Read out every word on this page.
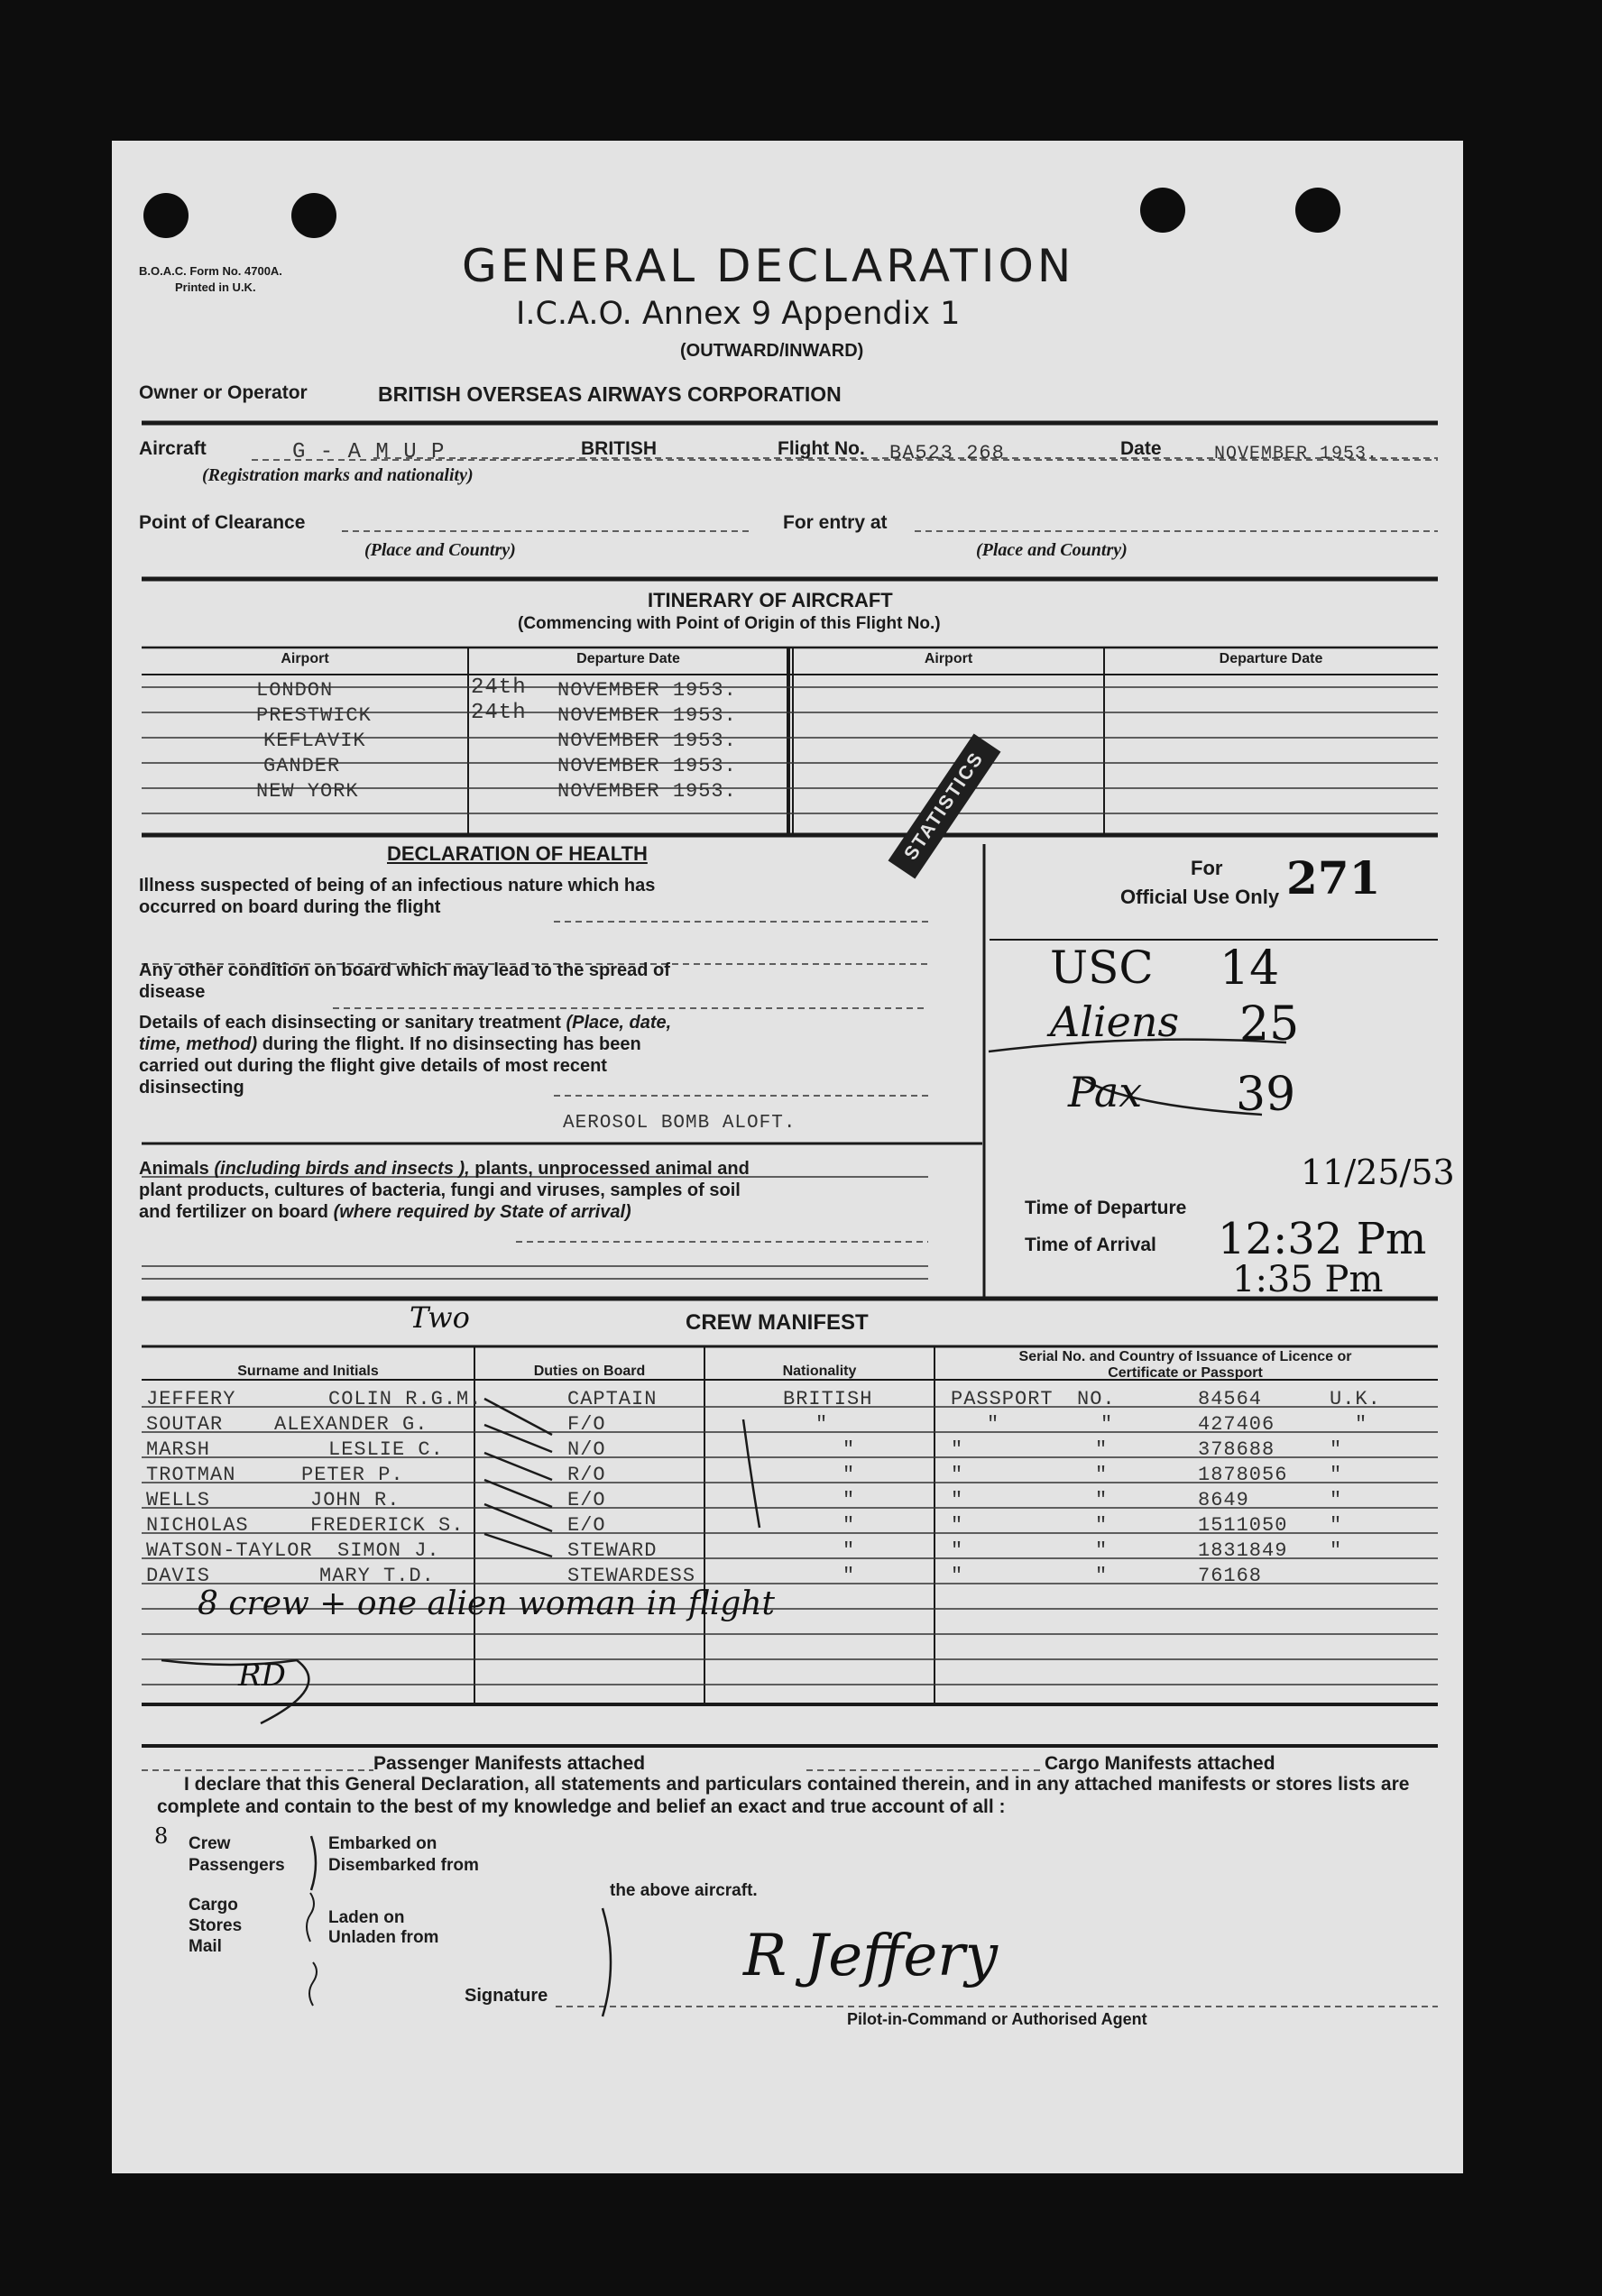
B.O.A.C. Form No. 4700A.
Printed in U.K.	GENERAL DECLARATION
I.C.A.O. Annex 9 Appendix 1
(OUTWARD/INWARD)
Owner or Operator	BRITISH OVERSEAS AIRWAYS CORPORATION
Aircraft	G - A M U P	BRITISH
(Registration marks and nationality)
Flight No. BA523 268	Date	NOVEMBER 1953.
Point of Clearance
(Place and Country)
For entry at
(Place and Country)
ITINERARY OF AIRCRAFT
(Commencing with Point of Origin of this Flight No.)
Airport	Departure Date	Airport	Departure Date
LONDON	24th NOVEMBER 1953.
PRESTWICK	24th NOVEMBER 1953.
KEFLAVIK	NOVEMBER 1953.
GANDER	NOVEMBER 1953.
NEW YORK	NOVEMBER 1953.	STATISTICS
DECLARATION OF HEALTH
Illness suspected of being of an infectious nature which has occurred on board during the flight
Any other condition on board which may lead to the spread of disease
Details of each disinsecting or sanitary treatment (Place, date, time, method) during the flight. If no disinsecting has been carried out during the flight give details of most recent disinsecting
AEROSOL BOMB ALOFT.
Animals (including birds and insects ), plants, unprocessed animal and plant products, cultures of bacteria, fungi and viruses, samples of soil and fertilizer on board (where required by State of arrival)
For
Official Use Only 271
USC 14
Aliens 25
Pax 39
11/25/53
Time of Departure
Time of Arrival 12:32 Pm
1:35 Pm
Two	CREW MANIFEST
Surname and Initials	Duties on Board	Nationality
Serial No. and Country of Issuance of Licence or Certificate or Passport
JEFFERY	COLIN R.G.M.	CAPTAIN	BRITISH	PASSPORT NO.	84564	U.K.
SOUTAR	ALEXANDER G.	F/O	"	"	"	427406	"
MARSH	LESLIE C.	N/O	"	"	"	378688	"
TROTMAN	PETER P.	R/O	"	"	"	1878056 "
WELLS	JOHN R.	E/O	"	"	"	8649	"
NICHOLAS	FREDERICK S.	E/O	"	"	"	1511050 "
WATSON-TAYLOR SIMON J.	STEWARD	"	"	"	1831849 "
DAVIS	MARY T.D.	STEWARDESS	"	"	"	76168
8 crew + one alien woman in flight
RD
Passenger Manifests attached	Cargo Manifests attached
I declare that this General Declaration, all statements and particulars contained therein, and in any attached manifests or stores lists are complete and contain to the best of my knowledge and belief an exact and true account of all :
8 Crew
Passengers
Embarked on
Disembarked from
Cargo
Stores
Mail
Laden on
Unladen from
the above aircraft.
Signature
R Jeffery
Pilot-in-Command or Authorised Agent
